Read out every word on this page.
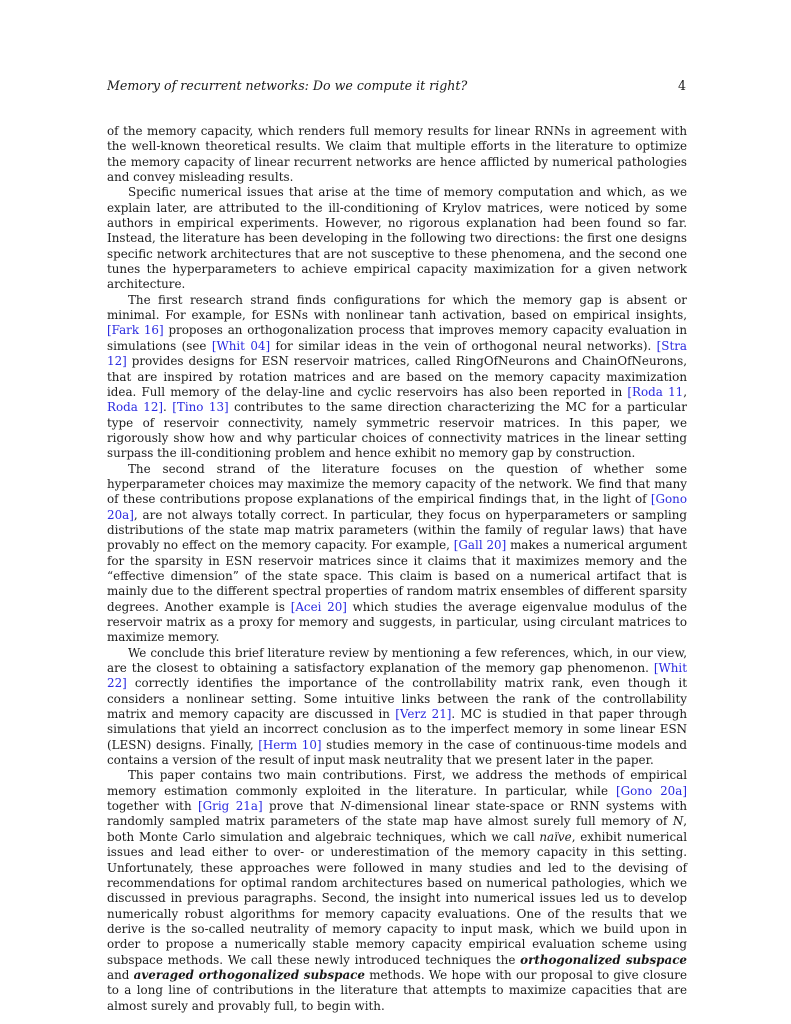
Memory of recurrent networks: Do we compute it right?	4

of the memory capacity, which renders full memory results for linear RNNs in agreement with the well-known theoretical results. We claim that multiple efforts in the literature to optimize the memory capacity of linear recurrent networks are hence afflicted by numerical pathologies and convey misleading results.

Specific numerical issues that arise at the time of memory computation and which, as we explain later, are attributed to the ill-conditioning of Krylov matrices, were noticed by some authors in empirical experiments. However, no rigorous explanation had been found so far. Instead, the literature has been developing in the following two directions: the first one designs specific network architectures that are not susceptive to these phenomena, and the second one tunes the hyperparameters to achieve empirical capacity maximization for a given network architecture.

The first research strand finds configurations for which the memory gap is absent or minimal. For example, for ESNs with nonlinear tanh activation, based on empirical insights, [Fark 16] proposes an orthogonalization process that improves memory capacity evaluation in simulations (see [Whit 04] for similar ideas in the vein of orthogonal neural networks). [Stra 12] provides designs for ESN reservoir matrices, called RingOfNeurons and ChainOfNeurons, that are inspired by rotation matrices and are based on the memory capacity maximization idea. Full memory of the delay-line and cyclic reservoirs has also been reported in [Roda 11, Roda 12]. [Tino 13] contributes to the same direction characterizing the MC for a particular type of reservoir connectivity, namely symmetric reservoir matrices. In this paper, we rigorously show how and why particular choices of connectivity matrices in the linear setting surpass the ill-conditioning problem and hence exhibit no memory gap by construction.

The second strand of the literature focuses on the question of whether some hyperparameter choices may maximize the memory capacity of the network. We find that many of these contributions propose explanations of the empirical findings that, in the light of [Gono 20a], are not always totally correct. In particular, they focus on hyperparameters or sampling distributions of the state map matrix parameters (within the family of regular laws) that have provably no effect on the memory capacity. For example, [Gall 20] makes a numerical argument for the sparsity in ESN reservoir matrices since it claims that it maximizes memory and the “effective dimension” of the state space. This claim is based on a numerical artifact that is mainly due to the different spectral properties of random matrix ensembles of different sparsity degrees. Another example is [Acei 20] which studies the average eigenvalue modulus of the reservoir matrix as a proxy for memory and suggests, in particular, using circulant matrices to maximize memory.

We conclude this brief literature review by mentioning a few references, which, in our view, are the closest to obtaining a satisfactory explanation of the memory gap phenomenon. [Whit 22] correctly identifies the importance of the controllability matrix rank, even though it considers a nonlinear setting. Some intuitive links between the rank of the controllability matrix and memory capacity are discussed in [Verz 21]. MC is studied in that paper through simulations that yield an incorrect conclusion as to the imperfect memory in some linear ESN (LESN) designs. Finally, [Herm 10] studies memory in the case of continuous-time models and contains a version of the result of input mask neutrality that we present later in the paper.

This paper contains two main contributions. First, we address the methods of empirical memory estimation commonly exploited in the literature. In particular, while [Gono 20a] together with [Grig 21a] prove that N-dimensional linear state-space or RNN systems with randomly sampled matrix parameters of the state map have almost surely full memory of N, both Monte Carlo simulation and algebraic techniques, which we call naïve, exhibit numerical issues and lead either to over- or underestimation of the memory capacity in this setting. Unfortunately, these approaches were followed in many studies and led to the devising of recommendations for optimal random architectures based on numerical pathologies, which we discussed in previous paragraphs. Second, the insight into numerical issues led us to develop numerically robust algorithms for memory capacity evaluations. One of the results that we derive is the so-called neutrality of memory capacity to input mask, which we build upon in order to propose a numerically stable memory capacity empirical evaluation scheme using subspace methods. We call these newly introduced techniques the orthogonalized subspace and averaged orthogonalized subspace methods. We hope with our proposal to give closure to a long line of contributions in the literature that attempts to maximize capacities that are almost surely and provably full, to begin with.
